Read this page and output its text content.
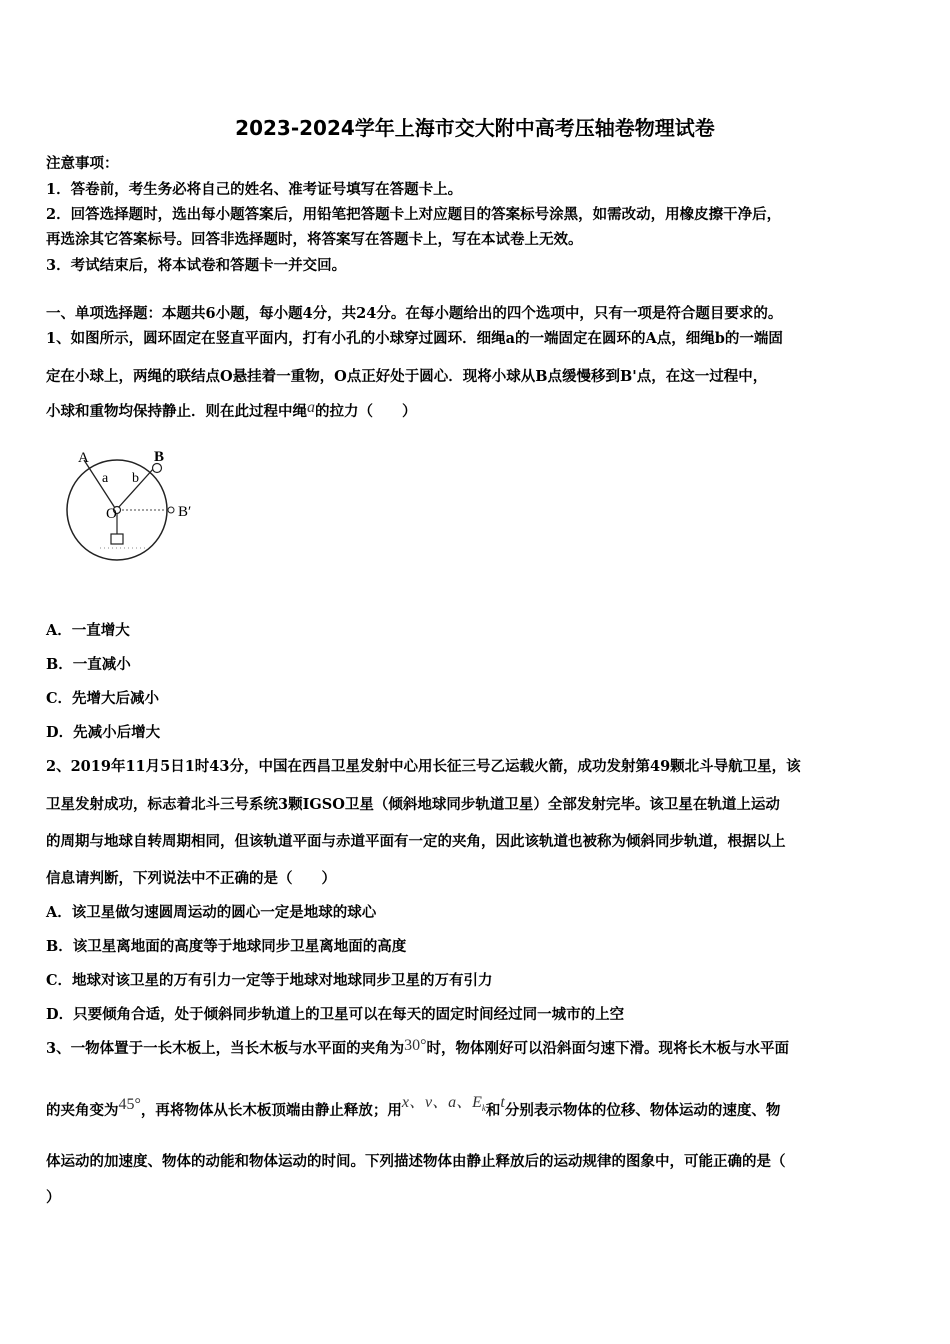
2023-2024学年上海市交大附中高考压轴卷物理试卷
注意事项：
1．答卷前，考生务必将自己的姓名、准考证号填写在答题卡上。
2．回答选择题时，选出每小题答案后，用铅笔把答题卡上对应题目的答案标号涂黑，如需改动，用橡皮擦干净后，
再选涂其它答案标号。回答非选择题时，将答案写在答题卡上，写在本试卷上无效。
3．考试结束后，将本试卷和答题卡一并交回。
一、单项选择题：本题共6小题，每小题4分，共24分。在每小题给出的四个选项中，只有一项是符合题目要求的。
1、如图所示，圆环固定在竖直平面内，打有小孔的小球穿过圆环．细绳a的一端固定在圆环的A点，细绳b的一端固
定在小球上，两绳的联结点O悬挂着一重物，O点正好处于圆心．现将小球从B点缓慢移到B'点，在这一过程中，
小球和重物均保持静止．则在此过程中绳a的拉力（　　）
A	B
a b
O	B′
A．一直增大
B．一直减小
C．先增大后减小
D．先减小后增大
2、2019年11月5日1时43分，中国在西昌卫星发射中心用长征三号乙运载火箭，成功发射第49颗北斗导航卫星，该
卫星发射成功，标志着北斗三号系统3颗IGSO卫星（倾斜地球同步轨道卫星）全部发射完毕。该卫星在轨道上运动
的周期与地球自转周期相同，但该轨道平面与赤道平面有一定的夹角，因此该轨道也被称为倾斜同步轨道，根据以上
信息请判断，下列说法中不正确的是（　　）
A．该卫星做匀速圆周运动的圆心一定是地球的球心
B．该卫星离地面的高度等于地球同步卫星离地面的高度
C．地球对该卫星的万有引力一定等于地球对地球同步卫星的万有引力
D．只要倾角合适，处于倾斜同步轨道上的卫星可以在每天的固定时间经过同一城市的上空
3、一物体置于一长木板上，当长木板与水平面的夹角为30°时，物体刚好可以沿斜面匀速下滑。现将长木板与水平面
的夹角变为45°，再将物体从长木板顶端由静止释放；用x、v、a、$E_k$和t分别表示物体的位移、物体运动的速度、物
体运动的加速度、物体的动能和物体运动的时间。下列描述物体由静止释放后的运动规律的图象中，可能正确的是（
）
